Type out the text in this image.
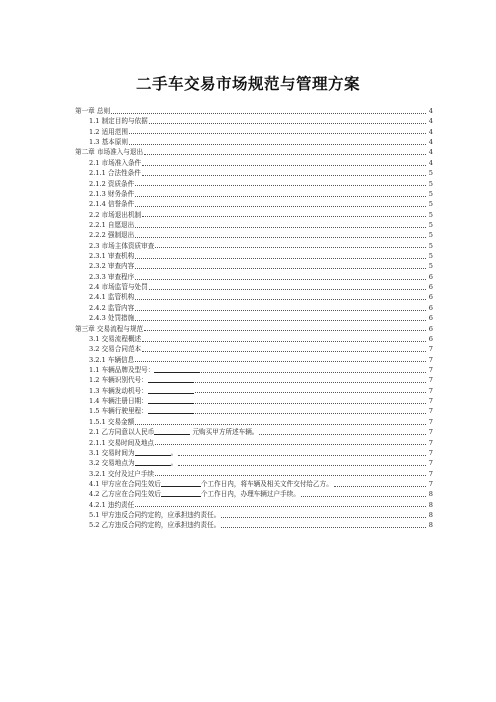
二手车交易市场规范与管理方案
第一章 总则	4
1.1 制定目的与依据	4
1.2 适用范围	4
1.3 基本原则	4
第二章 市场准入与退出	4
2.1 市场准入条件	4
2.1.1 合法性条件	5
2.1.2 资质条件	5
2.1.3 财务条件	5
2.1.4 信誉条件	5
2.2 市场退出机制	5
2.2.1 自愿退出	5
2.2.2 强制退出	5
2.3 市场主体资质审查	5
2.3.1 审查机构	5
2.3.2 审查内容	5
2.3.3 审查程序	6
2.4 市场监管与处罚	6
2.4.1 监管机构	6
2.4.2 监管内容	6
2.4.3 处罚措施	6
第三章 交易流程与规范	6
3.1 交易流程概述	6
3.2 交易合同范本	7
3.2.1 车辆信息	7
1.1 车辆品牌及型号：	7
1.2 车辆识别代号：	7
1.3 车辆发动机号：	7
1.4 车辆注册日期：	7
1.5 车辆行驶里程：	7
1.5.1 交易金额	7
2.1 乙方同意以人民币	元购买甲方所述车辆。	7
2.1.1 交易时间及地点	7
3.1 交易时间为	。	7
3.2 交易地点为	。	7
3.2.1 交付及过户手续	7
4.1 甲方应在合同生效后	个工作日内，将车辆及相关文件交付给乙方。	7
4.2 乙方应在合同生效后	个工作日内，办理车辆过户手续。	8
4.2.1 违约责任	8
5.1 甲方违反合同约定的，应承担违约责任。	8
5.2 乙方违反合同约定的，应承担违约责任。	8
